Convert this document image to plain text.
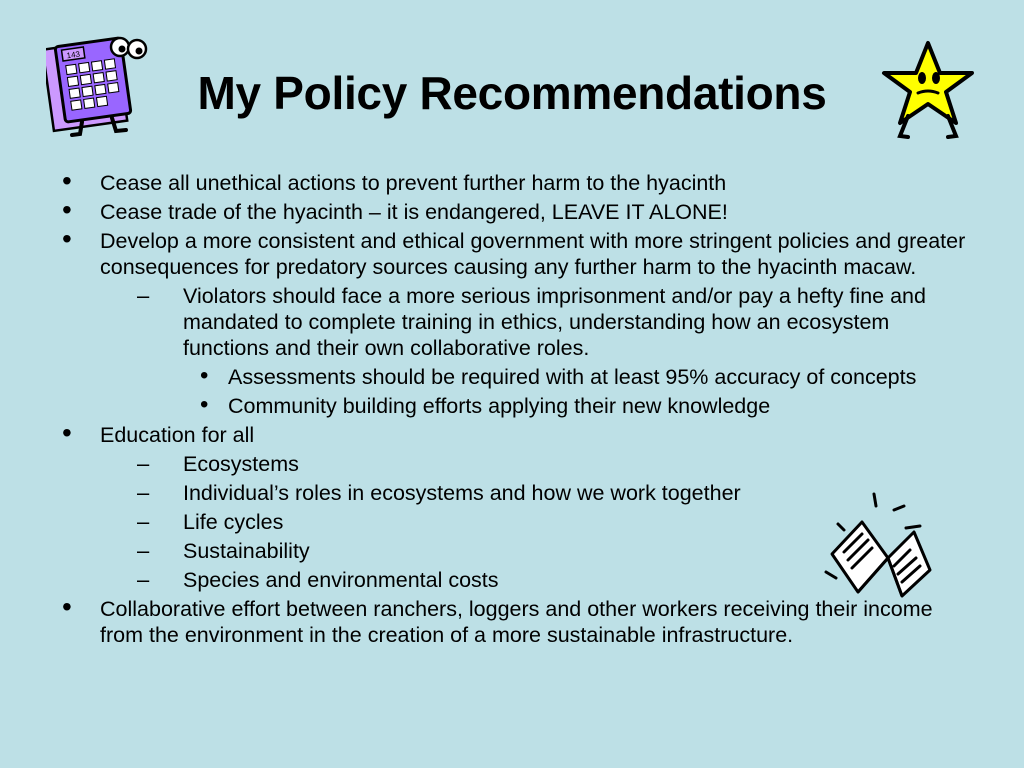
143
My Policy Recommendations
• Cease all unethical actions to prevent further harm to the hyacinth
• Cease trade of the hyacinth – it is endangered, LEAVE IT ALONE!
• Develop a more consistent and ethical government with more stringent policies and greater consequences for predatory sources causing any further harm to the hyacinth macaw.
– Violators should face a more serious imprisonment and/or pay a hefty fine and mandated to complete training in ethics, understanding how an ecosystem functions and their own collaborative roles.
• Assessments should be required with at least 95% accuracy of concepts
• Community building efforts applying their new knowledge
• Education for all
– Ecosystems
– Individual’s roles in ecosystems and how we work together
– Life cycles
– Sustainability
– Species and environmental costs
• Collaborative effort between ranchers, loggers and other workers receiving their income from the environment in the creation of a more sustainable infrastructure.
